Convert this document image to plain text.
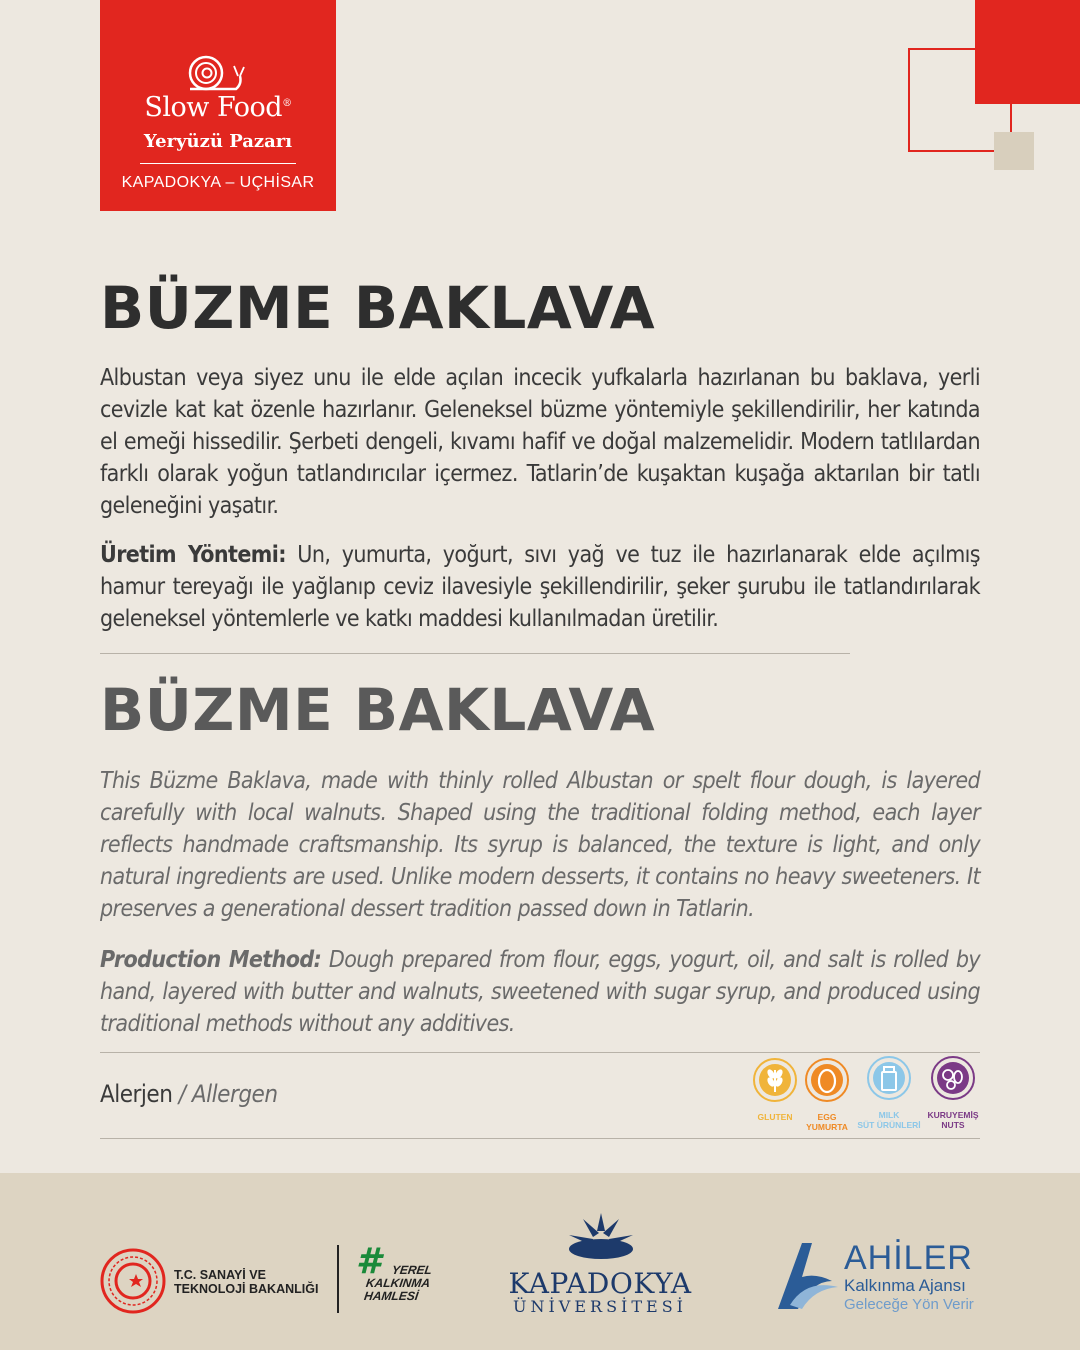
Slow Food®
Yeryüzü Pazarı
KAPADOKYA – UÇHİSAR
BÜZME BAKLAVA

Albustan veya siyez unu ile elde açılan incecik yufkalarla hazırlanan bu baklava, yerli cevizle kat kat özenle hazırlanır. Geleneksel büzme yöntemiyle şekillendirilir, her katında el emeği hissedilir. Şerbeti dengeli, kıvamı hafif ve doğal malzemelidir. Modern tatlılardan farklı olarak yoğun tatlandırıcılar içermez. Tatlarin’de kuşaktan kuşağa aktarılan bir tatlı geleneğini yaşatır.

Üretim Yöntemi: Un, yumurta, yoğurt, sıvı yağ ve tuz ile hazırlanarak elde açılmış hamur tereyağı ile yağlanıp ceviz ilavesiyle şekillendirilir, şeker şurubu ile tatlandırılarak geleneksel yöntemlerle ve katkı maddesi kullanılmadan üretilir.

BÜZME BAKLAVA

This Büzme Baklava, made with thinly rolled Albustan or spelt flour dough, is layered carefully with local walnuts. Shaped using the traditional folding method, each layer reflects handmade craftsmanship. Its syrup is balanced, the texture is light, and only natural ingredients are used. Unlike modern desserts, it contains no heavy sweeteners. It preserves a generational dessert tradition passed down in Tatlarin.

Production Method: Dough prepared from flour, eggs, yogurt, oil, and salt is rolled by hand, layered with butter and walnuts, sweetened with sugar syrup, and produced using traditional methods without any additives.

Alerjen / Allergen
GLUTEN	EGG
YUMURTA
MILK
SÜT ÜRÜNLERİ
KURUYEMİŞ
NUTS
T.C. SANAYİ VE
TEKNOLOJİ BAKANLIĞI
# YEREL
KALKINMA
HAMLESİ	KAPADOKYA
ÜNİVERSİTESİ
AHİLER
Kalkınma Ajansı
Geleceğe Yön Verir
